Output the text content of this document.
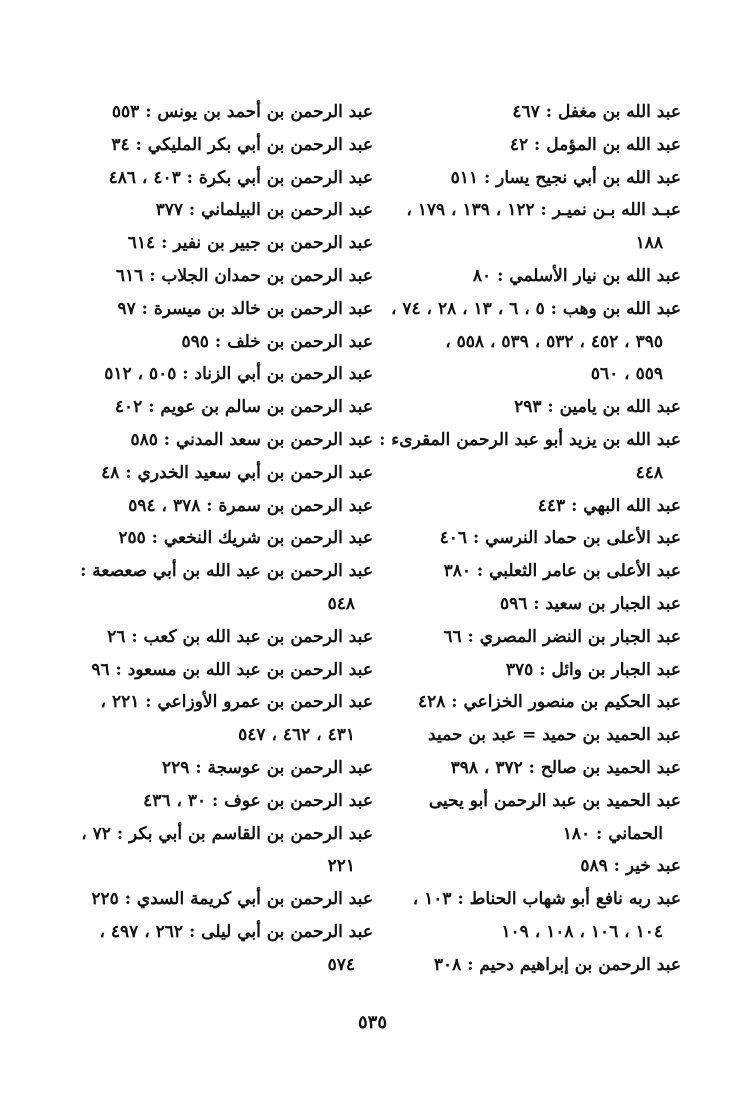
عبد الله بن مغفل : ٤٦٧
عبد الله بن المؤمل : ٤٢
عبد الله بن أبي نجيح يسار : ٥١١
عبـد الله بـن نميـر : ١٢٢ ، ١٣٩ ، ١٧٩ ،
١٨٨
عبد الله بن نيار الأسلمي : ٨٠
عبد الله بن وهب : ٥ ، ٦ ، ١٣ ، ٢٨ ، ٧٤ ،
٣٩٥ ، ٤٥٢ ، ٥٣٢ ، ٥٣٩ ، ٥٥٨ ،
٥٥٩ ، ٥٦٠
عبد الله بن يامين : ٢٩٣
عبد الله بن يزيد أبو عبد الرحمن المقرىء :
٤٤٨
عبد الله البهي : ٤٤٣
عبد الأعلى بن حماد النرسي : ٤٠٦
عبد الأعلى بن عامر الثعلبي : ٣٨٠
عبد الجبار بن سعيد : ٥٩٦
عبد الجبار بن النضر المصري : ٦٦
عبد الجبار بن وائل : ٣٧٥
عبد الحكيم بن منصور الخزاعي : ٤٢٨
عبد الحميد بن حميد = عبد بن حميد
عبد الحميد بن صالح : ٣٧٢ ، ٣٩٨
عبد الحميد بن عبد الرحمن أبو يحيى
الحماني : ١٨٠
عبد خير : ٥٨٩
عبد ربه نافع أبو شهاب الحناط : ١٠٣ ،
١٠٤ ، ١٠٦ ، ١٠٨ ، ١٠٩
عبد الرحمن بن إبراهيم دحيم : ٣٠٨
عبد الرحمن بن أحمد بن يونس : ٥٥٣
عبد الرحمن بن أبي بكر المليكي : ٣٤
عبد الرحمن بن أبي بكرة : ٤٠٣ ، ٤٨٦
عبد الرحمن بن البيلماني : ٣٧٧
عبد الرحمن بن جبير بن نفير : ٦١٤
عبد الرحمن بن حمدان الجلاب : ٦١٦
عبد الرحمن بن خالد بن ميسرة : ٩٧
عبد الرحمن بن خلف : ٥٩٥
عبد الرحمن بن أبي الزناد : ٥٠٥ ، ٥١٢
عبد الرحمن بن سالم بن عويم : ٤٠٢
عبد الرحمن بن سعد المدني : ٥٨٥
عبد الرحمن بن أبي سعيد الخدري : ٤٨
عبد الرحمن بن سمرة : ٣٧٨ ، ٥٩٤
عبد الرحمن بن شريك النخعي : ٢٥٥
عبد الرحمن بن عبد الله بن أبي صعصعة :
٥٤٨
عبد الرحمن بن عبد الله بن كعب : ٢٦
عبد الرحمن بن عبد الله بن مسعود : ٩٦
عبد الرحمن بن عمرو الأوزاعي : ٢٢١ ،
٤٣١ ، ٤٦٢ ، ٥٤٧
عبد الرحمن بن عوسجة : ٢٢٩
عبد الرحمن بن عوف : ٣٠ ، ٤٣٦
عبد الرحمن بن القاسم بن أبي بكر : ٧٢ ،
٢٢١
عبد الرحمن بن أبي كريمة السدي : ٢٢٥
عبد الرحمن بن أبي ليلى : ٢٦٢ ، ٤٩٧ ،
٥٧٤
٥٣٥
